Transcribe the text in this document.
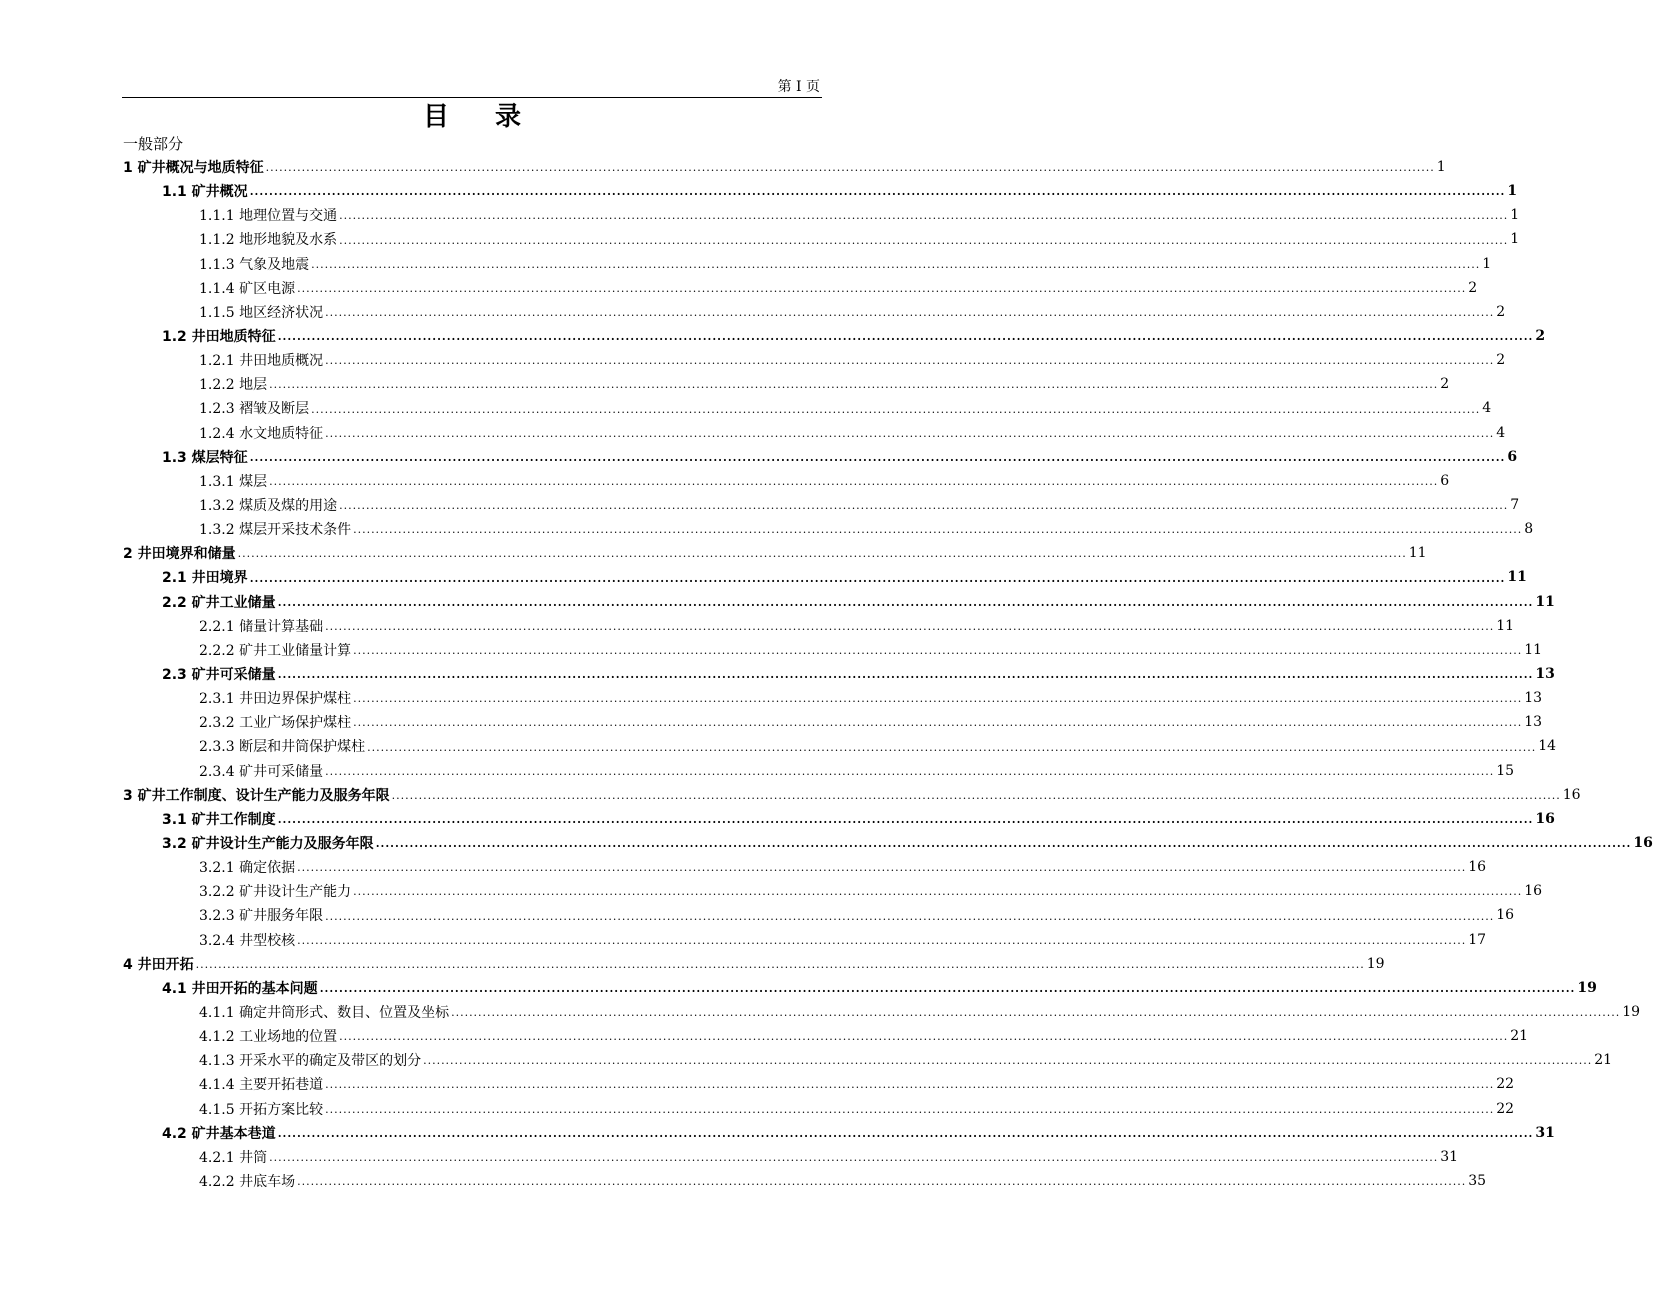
第 I 页
目录
一般部分
1 矿井概况与地质特征 .................................................................................................................................................................................................................................................................... 1
1.1 矿井概况 .................................................................................................................................................................................................................................................................... 1
1.1.1 地理位置与交通 .................................................................................................................................................................................................................................................................... 1
1.1.2 地形地貌及水系 .................................................................................................................................................................................................................................................................... 1
1.1.3 气象及地震 .................................................................................................................................................................................................................................................................... 1
1.1.4 矿区电源 .................................................................................................................................................................................................................................................................... 2
1.1.5 地区经济状况 .................................................................................................................................................................................................................................................................... 2
1.2 井田地质特征 .................................................................................................................................................................................................................................................................... 2
1.2.1 井田地质概况 .................................................................................................................................................................................................................................................................... 2
1.2.2 地层 .................................................................................................................................................................................................................................................................... 2
1.2.3 褶皱及断层 .................................................................................................................................................................................................................................................................... 4
1.2.4 水文地质特征 .................................................................................................................................................................................................................................................................... 4
1.3 煤层特征 .................................................................................................................................................................................................................................................................... 6
1.3.1 煤层 .................................................................................................................................................................................................................................................................... 6
1.3.2 煤质及煤的用途 .................................................................................................................................................................................................................................................................... 7
1.3.2 煤层开采技术条件 .................................................................................................................................................................................................................................................................... 8
2 井田境界和储量 .................................................................................................................................................................................................................................................................... 11
2.1 井田境界 .................................................................................................................................................................................................................................................................... 11
2.2 矿井工业储量 .................................................................................................................................................................................................................................................................... 11
2.2.1 储量计算基础 .................................................................................................................................................................................................................................................................... 11
2.2.2 矿井工业储量计算 .................................................................................................................................................................................................................................................................... 11
2.3 矿井可采储量 .................................................................................................................................................................................................................................................................... 13
2.3.1 井田边界保护煤柱 .................................................................................................................................................................................................................................................................... 13
2.3.2 工业广场保护煤柱 .................................................................................................................................................................................................................................................................... 13
2.3.3 断层和井筒保护煤柱 .................................................................................................................................................................................................................................................................... 14
2.3.4 矿井可采储量 .................................................................................................................................................................................................................................................................... 15
3 矿井工作制度、设计生产能力及服务年限 .................................................................................................................................................................................................................................................................... 16
3.1 矿井工作制度 .................................................................................................................................................................................................................................................................... 16
3.2 矿井设计生产能力及服务年限 .................................................................................................................................................................................................................................................................... 16
3.2.1 确定依据 .................................................................................................................................................................................................................................................................... 16
3.2.2 矿井设计生产能力 .................................................................................................................................................................................................................................................................... 16
3.2.3 矿井服务年限 .................................................................................................................................................................................................................................................................... 16
3.2.4 井型校核 .................................................................................................................................................................................................................................................................... 17
4 井田开拓 .................................................................................................................................................................................................................................................................... 19
4.1 井田开拓的基本问题 .................................................................................................................................................................................................................................................................... 19
4.1.1 确定井筒形式、数目、位置及坐标 .................................................................................................................................................................................................................................................................... 19
4.1.2 工业场地的位置 .................................................................................................................................................................................................................................................................... 21
4.1.3 开采水平的确定及带区的划分 .................................................................................................................................................................................................................................................................... 21
4.1.4 主要开拓巷道 .................................................................................................................................................................................................................................................................... 22
4.1.5 开拓方案比较 .................................................................................................................................................................................................................................................................... 22
4.2 矿井基本巷道 .................................................................................................................................................................................................................................................................... 31
4.2.1 井筒 .................................................................................................................................................................................................................................................................... 31
4.2.2 井底车场 .................................................................................................................................................................................................................................................................... 35
